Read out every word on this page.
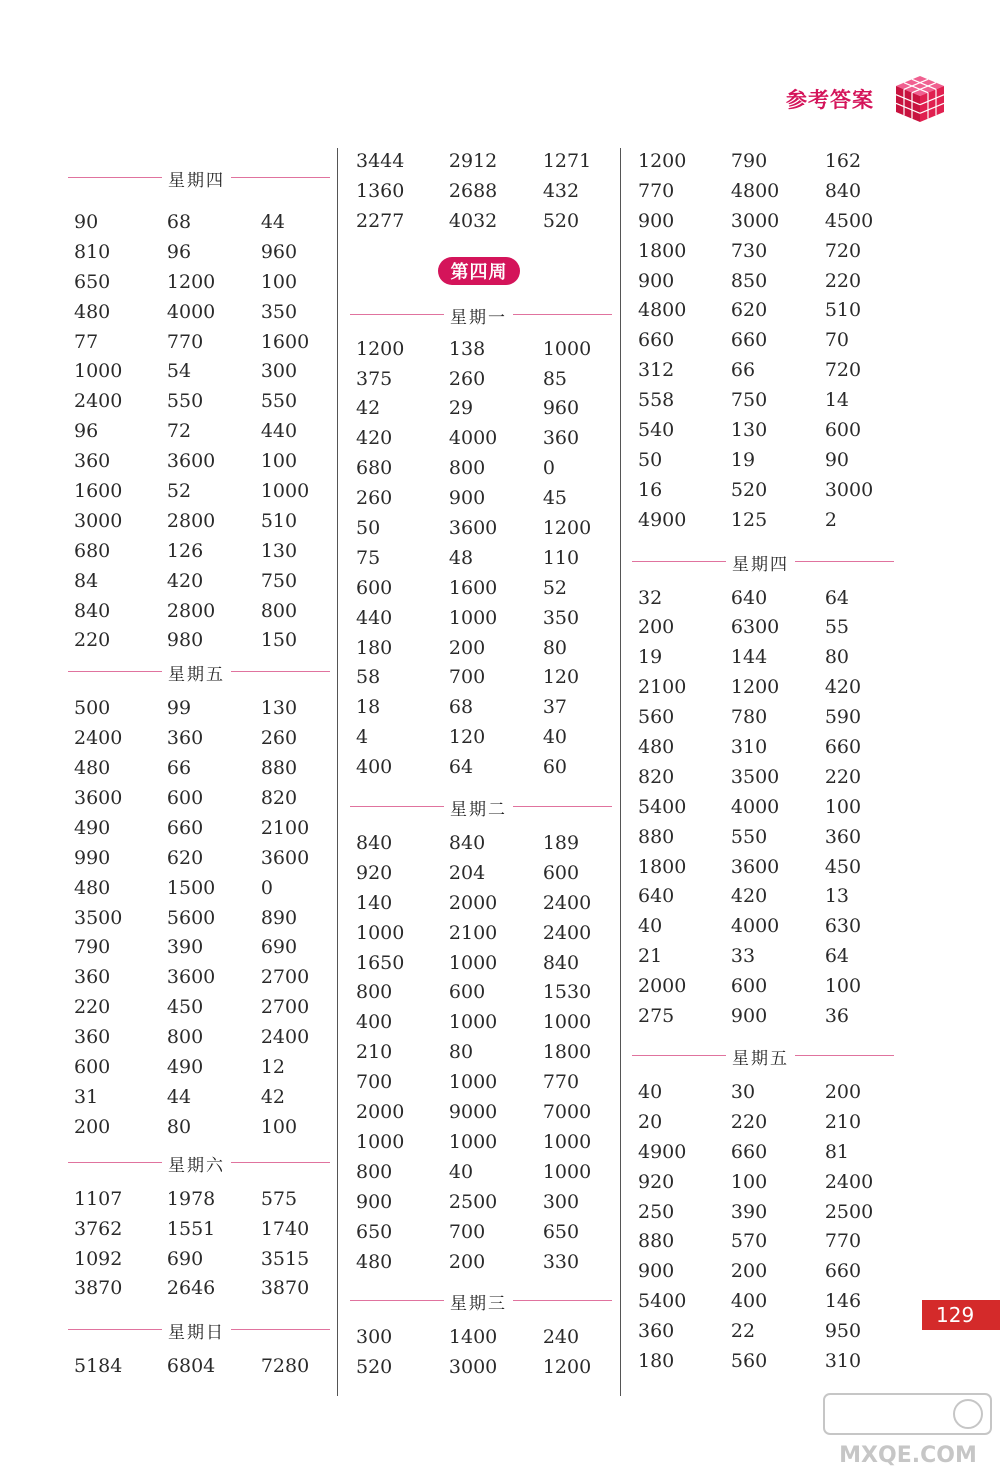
参考答案
星期四
90	68	44
810	96	960
650	1200	100
480	4000	350
77	770	1600
1000	54	300
2400	550	550
96	72	440
360	3600	100
1600	52	1000
3000	2800	510
680	126	130
84	420	750
840	2800	800
220	980	150
星期五
500	99	130
2400	360	260
480	66	880
3600	600	820
490	660	2100
990	620	3600
480	1500	0
3500	5600	890
790	390	690
360	3600	2700
220	450	2700
360	800	2400
600	490	12
31	44	42
200	80	100
星期六
1107	1978	575
3762	1551	1740
1092	690	3515
3870	2646	3870
星期日
5184	6804	7280
3444	2912	1271
1360	2688	432
2277	4032	520
第四周
星期一
1200	138	1000
375	260	85
42	29	960
420	4000	360
680	800	0
260	900	45
50	3600	1200
75	48	110
600	1600	52
440	1000	350
180	200	80
58	700	120
18	68	37
4	120	40
400	64	60
星期二
840	840	189
920	204	600
140	2000	2400
1000	2100	2400
1650	1000	840
800	600	1530
400	1000	1000
210	80	1800
700	1000	770
2000	9000	7000
1000	1000	1000
800	40	1000
900	2500	300
650	700	650
480	200	330
星期三
300	1400	240
520	3000	1200
1200	790	162
770	4800	840
900	3000	4500
1800	730	720
900	850	220
4800	620	510
660	660	70
312	66	720
558	750	14
540	130	600
50	19	90
16	520	3000
4900	125	2
星期四
32	640	64
200	6300	55
19	144	80
2100	1200	420
560	780	590
480	310	660
820	3500	220
5400	4000	100
880	550	360
1800	3600	450
640	420	13
40	4000	630
21	33	64
2000	600	100
275	900	36
星期五
40	30	200
20	220	210
4900	660	81
920	100	2400
250	390	2500
880	570	770
900	200	660
5400	400	146
360	22	950
180	560	310
129
MXQE.COM
